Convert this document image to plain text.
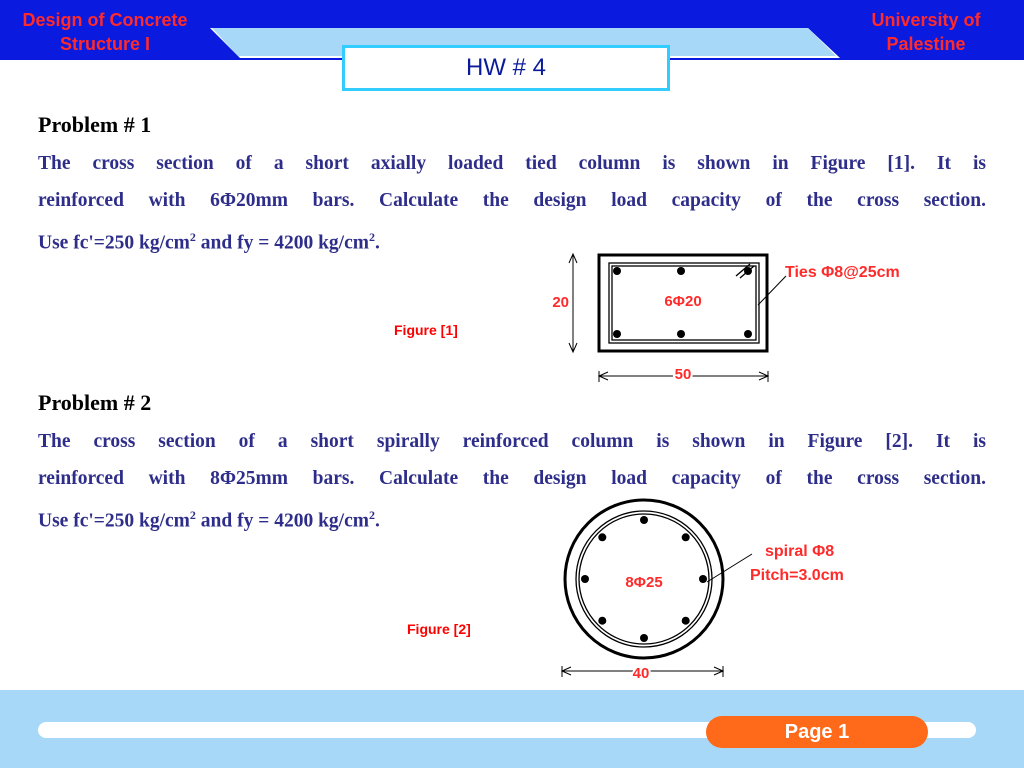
Design of Concrete
Structure I
University of
Palestine
HW # 4
Problem # 1
The cross section of a short axially loaded tied column is shown in Figure [1]. It is
reinforced with 6Φ20mm bars. Calculate the design load capacity of the cross section.
Use fc'=250 $kg/cm^2$ and fy = 4200 $kg/cm^2$.
Figure [1]
20	6Φ20
50
Ties Φ8@25cm
Problem # 2
The cross section of a short spirally reinforced column is shown in Figure [2]. It is
reinforced with 8Φ25mm bars. Calculate the design load capacity of the cross section.
Use fc'=250 $kg/cm^2$ and fy = 4200 $kg/cm^2$.
Figure [2]
40
8Φ25
spiral Φ8
Pitch=3.0cm
Page 1
